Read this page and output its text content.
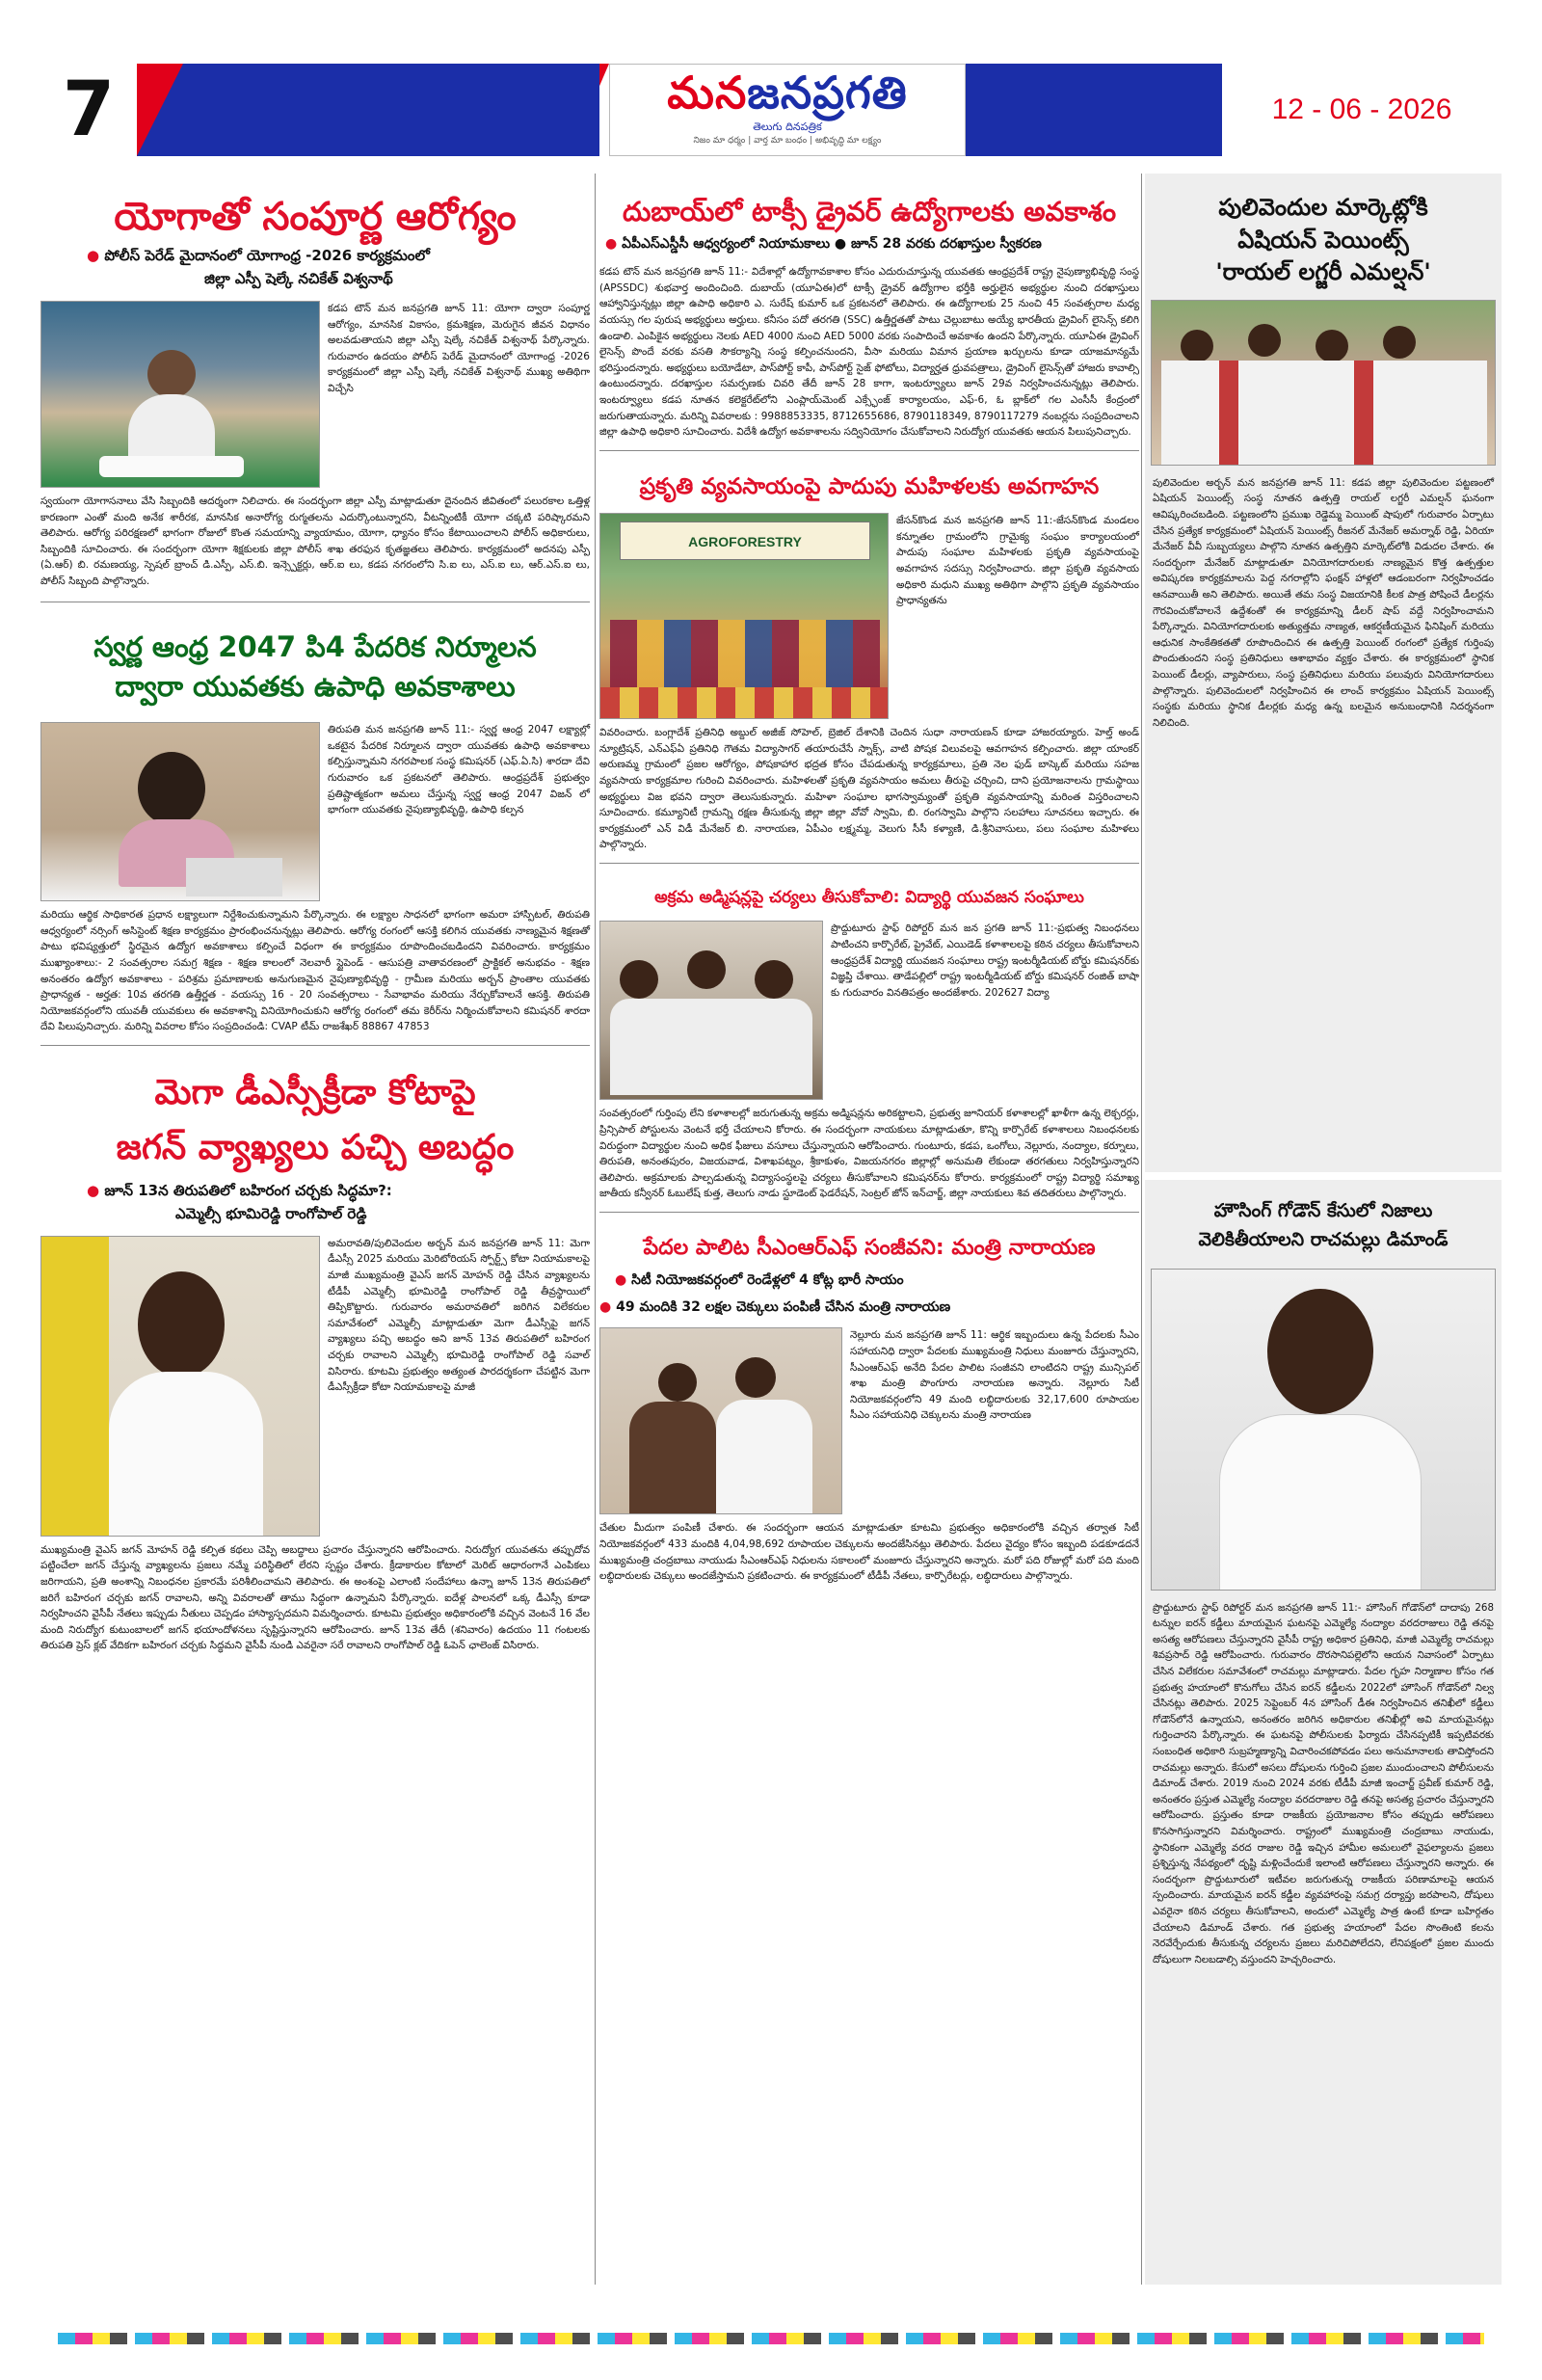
7	మనజనప్రగతి
తెలుగు దినపత్రిక
నిజం మా ధర్మం | వార్త మా బంధం | అభివృద్ధి మా లక్ష్యం
12 - 06 - 2026
యోగాతో సంపూర్ణ ఆరోగ్యం
● పోలీస్ పెరేడ్ మైదానంలో యోగాంధ్ర -2026 కార్యక్రమంలో
జిల్లా ఎస్పీ షెల్కే నచికేత్ విశ్వనాథ్

కడప టౌన్ మన జనప్రగతి జూన్ 11: యోగా ద్వారా సంపూర్ణ ఆరోగ్యం, మానసిక వికాసం, క్రమశిక్షణ, మెరుగైన జీవన విధానం అలవడుతాయని జిల్లా ఎస్పీ షెల్కే నచికేత్ విశ్వనాథ్ పేర్కొన్నారు. గురువారం ఉదయం పోలీస్ పెరేడ్ మైదానంలో యోగాంధ్ర -2026 కార్యక్రమంలో జిల్లా ఎస్పీ షెల్కే నచికేత్ విశ్వనాథ్ ముఖ్య అతిథిగా విచ్చేసి

స్వయంగా యోగాసనాలు వేసి సిబ్బందికి ఆదర్శంగా నిలిచారు. ఈ సందర్భంగా జిల్లా ఎస్పీ మాట్లాడుతూ దైనందిన జీవితంలో పలురకాల ఒత్తిళ్ల కారణంగా ఎంతో మంది అనేక శారీరక, మానసిక అనారోగ్య రుగ్మతలను ఎదుర్కొంటున్నారని, వీటన్నింటికీ యోగా చక్కటి పరిష్కారమని తెలిపారు. ఆరోగ్య పరిరక్షణలో భాగంగా రోజులో కొంత సమయాన్ని వ్యాయామం, యోగా, ధ్యానం కోసం కేటాయించాలని పోలీస్ అధికారులు, సిబ్బందికి సూచించారు. ఈ సందర్భంగా యోగా శిక్షకులకు జిల్లా పోలీస్ శాఖ తరఫున కృతజ్ఞతలు తెలిపారు. కార్యక్రమంలో అదనపు ఎస్పీ (ఏ.ఆర్) బి. రమణయ్య, స్పెషల్ బ్రాంచ్ డి.ఎస్పీ, ఎస్.బి. ఇన్స్పెక్టర్లు, ఆర్.ఐ లు, కడప నగరంలోని సి.ఐ లు, ఎస్.ఐ లు, ఆర్.ఎస్.ఐ లు, పోలీస్ సిబ్బంది పాల్గొన్నారు.

స్వర్ణ ఆంధ్ర 2047 పి4 పేదరిక నిర్మూలన
ద్వారా యువతకు ఉపాధి అవకాశాలు

తిరుపతి మన జనప్రగతి జూన్ 11:- స్వర్ణ ఆంధ్ర 2047 లక్ష్యాల్లో ఒకటైన పేదరిక నిర్మూలన ద్వారా యువతకు ఉపాధి అవకాశాలు కల్పిస్తున్నామని నగరపాలక సంస్థ కమిషనర్ (ఎఫ్.ఏ.సి) శారదా దేవి గురువారం ఒక ప్రకటనలో తెలిపారు. ఆంధ్రప్రదేశ్ ప్రభుత్వం ప్రతిష్టాత్మకంగా అమలు చేస్తున్న స్వర్ణ ఆంధ్ర 2047 విజన్ లో భాగంగా యువతకు నైపుణ్యాభివృద్ధి, ఉపాధి కల్పన

మరియు ఆర్థిక సాధికారత ప్రధాన లక్ష్యాలుగా నిర్దేశించుకున్నామని పేర్కొన్నారు. ఈ లక్ష్యాల సాధనలో భాగంగా అమరా హాస్పిటల్, తిరుపతి ఆధ్వర్యంలో నర్సింగ్ అసిస్టెంట్ శిక్షణ కార్యక్రమం ప్రారంభించనున్నట్లు తెలిపారు. ఆరోగ్య రంగంలో ఆసక్తి కలిగిన యువతకు నాణ్యమైన శిక్షణతో పాటు భవిష్యత్తులో స్థిరమైన ఉద్యోగ అవకాశాలు కల్పించే విధంగా ఈ కార్యక్రమం రూపొందించబడిందని వివరించారు. కార్యక్రమం ముఖ్యాంశాలు:- 2 సంవత్సరాల సమగ్ర శిక్షణ - శిక్షణ కాలంలో నెలవారీ స్టైపెండ్ - ఆసుపత్రి వాతావరణంలో ప్రాక్టికల్ అనుభవం - శిక్షణ అనంతరం ఉద్యోగ అవకాశాలు - పరిశ్రమ ప్రమాణాలకు అనుగుణమైన నైపుణ్యాభివృద్ధి - గ్రామీణ మరియు అర్బన్ ప్రాంతాల యువతకు ప్రాధాన్యత - అర్హత: 10వ తరగతి ఉత్తీర్ణత - వయస్సు 16 - 20 సంవత్సరాలు - సేవాభావం మరియు నేర్చుకోవాలనే ఆసక్తి. తిరుపతి నియోజకవర్గంలోని యువతీ యువకులు ఈ అవకాశాన్ని వినియోగించుకుని ఆరోగ్య రంగంలో తమ కెరీర్‌ను నిర్మించుకోవాలని కమిషనర్ శారదా దేవి పిలుపునిచ్చారు. మరిన్ని వివరాల కోసం సంప్రదించండి: CVAP టీమ్ రాజశేఖర్ 88867 47853

మెగా డీఎస్సీక్రీడా కోటాపై
జగన్ వ్యాఖ్యలు పచ్చి అబద్ధం
● జూన్ 13న తిరుపతిలో బహిరంగ చర్చకు సిద్ధమా?:
ఎమ్మెల్సీ భూమిరెడ్డి రాంగోపాల్ రెడ్డి

అమరావతి/పులివెందుల అర్బన్ మన జనప్రగతి జూన్ 11: మెగా డీఎస్సీ 2025 మరియు మెరిటోరియస్ స్పోర్ట్స్ కోటా నియామకాలపై మాజీ ముఖ్యమంత్రి వైఎస్ జగన్ మోహన్ రెడ్డి చేసిన వ్యాఖ్యలను టీడీపీ ఎమ్మెల్సీ భూమిరెడ్డి రాంగోపాల్ రెడ్డి తీవ్రస్థాయిలో తిప్పికొట్టారు. గురువారం అమరావతిలో జరిగిన విలేకరుల సమావేశంలో ఎమ్మెల్సీ మాట్లాడుతూ మెగా డీఎస్సీపై జగన్ వ్యాఖ్యలు పచ్చి అబద్ధం అని జూన్ 13వ తిరుపతిలో బహిరంగ చర్చకు రావాలని ఎమ్మెల్సీ భూమిరెడ్డి రాంగోపాల్ రెడ్డి సవాల్ విసిరారు. కూటమి ప్రభుత్వం అత్యంత పారదర్శకంగా చేపట్టిన మెగా డీఎస్సీక్రీడా కోటా నియామకాలపై మాజీ

ముఖ్యమంత్రి వైఎస్ జగన్ మోహన్ రెడ్డి కల్పిత కథలు చెప్పి అబద్ధాలు ప్రచారం చేస్తున్నారని ఆరోపించారు. నిరుద్యోగ యువతను తప్పుదోవ పట్టించేలా జగన్ చేస్తున్న వ్యాఖ్యలను ప్రజలు నమ్మే పరిస్థితిలో లేరని స్పష్టం చేశారు. క్రీడాకారుల కోటాలో మెరిట్ ఆధారంగానే ఎంపికలు జరిగాయని, ప్రతి అంశాన్ని నిబంధనల ప్రకారమే పరిశీలించామని తెలిపారు. ఈ అంశంపై ఎలాంటి సందేహాలు ఉన్నా జూన్ 13న తిరుపతిలో జరిగే బహిరంగ చర్చకు జగన్ రావాలని, అన్ని వివరాలతో తాము సిద్ధంగా ఉన్నామని పేర్కొన్నారు. ఐదేళ్ల పాలనలో ఒక్క డీఎస్సీ కూడా నిర్వహించని వైసీపీ నేతలు ఇప్పుడు నీతులు చెప్పడం హాస్యాస్పదమని విమర్శించారు. కూటమి ప్రభుత్వం అధికారంలోకి వచ్చిన వెంటనే 16 వేల మంది నిరుద్యోగ కుటుంబాలలో జగన్ భయాందోళనలు సృష్టిస్తున్నారని ఆరోపించారు. జూన్ 13వ తేదీ (శనివారం) ఉదయం 11 గంటలకు తిరుపతి ప్రెస్ క్లబ్ వేదికగా బహిరంగ చర్చకు సిద్ధమని వైసీపీ నుండి ఎవరైనా సరే రావాలని రాంగోపాల్ రెడ్డి ఓపెన్ ఛాలెంజ్ విసిరారు.

దుబాయ్‌లో టాక్సీ డ్రైవర్ ఉద్యోగాలకు అవకాశం
● ఏపీఎస్ఎస్డీసీ ఆధ్వర్యంలో నియామకాలు ● జూన్ 28 వరకు దరఖాస్తుల స్వీకరణ

కడప టౌన్ మన జనప్రగతి జూన్ 11:- విదేశాల్లో ఉద్యోగావకాశాల కోసం ఎదురుచూస్తున్న యువతకు ఆంధ్రప్రదేశ్ రాష్ట్ర నైపుణ్యాభివృద్ధి సంస్థ (APSSDC) శుభవార్త అందించింది. దుబాయ్ (యూఏఈ)లో టాక్సీ డ్రైవర్ ఉద్యోగాల భర్తీకి అర్హులైన అభ్యర్థుల నుంచి దరఖాస్తులు ఆహ్వానిస్తున్నట్లు జిల్లా ఉపాధి అధికారి ఎ. సురేష్ కుమార్ ఒక ప్రకటనలో తెలిపారు. ఈ ఉద్యోగాలకు 25 నుంచి 45 సంవత్సరాల మధ్య వయస్సు గల పురుష అభ్యర్థులు అర్హులు. కనీసం పదో తరగతి (SSC) ఉత్తీర్ణతతో పాటు చెల్లుబాటు అయ్యే భారతీయ డ్రైవింగ్ లైసెన్స్ కలిగి ఉండాలి. ఎంపికైన అభ్యర్థులు నెలకు AED 4000 నుంచి AED 5000 వరకు సంపాదించే అవకాశం ఉందని పేర్కొన్నారు. యూఏఈ డ్రైవింగ్ లైసెన్స్ పొందే వరకు వసతి సౌకర్యాన్ని సంస్థ కల్పించనుందని, వీసా మరియు విమాన ప్రయాణ ఖర్చులను కూడా యాజమాన్యమే భరిస్తుందన్నారు. అభ్యర్థులు బయోడేటా, పాస్‌పోర్ట్ కాపీ, పాస్‌పోర్ట్ సైజ్ ఫోటోలు, విద్యార్హత ధ్రువపత్రాలు, డ్రైవింగ్ లైసెన్స్‌తో హాజరు కావాల్సి ఉంటుందన్నారు. దరఖాస్తుల సమర్పణకు చివరి తేదీ జూన్ 28 కాగా, ఇంటర్వ్యూలు జూన్ 29వ నిర్వహించనున్నట్లు తెలిపారు. ఇంటర్వ్యూలు కడప నూతన కలెక్టరేట్‌లోని ఎంప్లాయ్‌మెంట్ ఎక్స్ఛేంజ్ కార్యాలయం, ఎఫ్-6, ఓ బ్లాక్‌లో గల ఎంసీసీ కేంద్రంలో జరుగుతాయన్నారు. మరిన్ని వివరాలకు : 9988853335, 8712655686, 8790118349, 8790117279 నంబర్లను సంప్రదించాలని జిల్లా ఉపాధి అధికారి సూచించారు. విదేశీ ఉద్యోగ అవకాశాలను సద్వినియోగం చేసుకోవాలని నిరుద్యోగ యువతకు ఆయన పిలుపునిచ్చారు.

ప్రకృతి వ్యవసాయంపై పాదుపు మహిళలకు అవగాహన
AGROFORESTRY

జేసన్‌కొండ మన జనప్రగతి జూన్ 11:-జేసన్‌కొండ మండలం కన్నూతల గ్రామంలోని గ్రామైక్య సంఘం కార్యాలయంలో పాదుపు సంఘాల మహిళలకు ప్రకృతి వ్యవసాయంపై అవగాహన సదస్సు నిర్వహించారు. జిల్లా ప్రకృతి వ్యవసాయ అధికారి మధుని ముఖ్య అతిథిగా పాల్గొని ప్రకృతి వ్యవసాయం ప్రాధాన్యతను

వివరించారు. బంగ్లాదేశ్ ప్రతినిధి అబ్దుల్ అజీజ్ సోహెల్, బ్రెజిల్ దేశానికి చెందిన సుధా నారాయణన్ కూడా హాజరయ్యారు. హెల్త్ అండ్ న్యూట్రిషన్, ఎన్‌ఎఫ్‌ఏ ప్రతినిధి గౌతమ విద్యాసాగర్ తయారుచేసే స్నాక్స్, వాటి పోషక విలువలపై ఆవగాహన కల్పించారు. జిల్లా యాంకర్ అరుణమ్మ గ్రామంలో ప్రజల ఆరోగ్యం, పోషకాహార భద్రత కోసం చేపడుతున్న కార్యక్రమాలు, ప్రతి నెల ఫుడ్ బాస్కెట్ మరియు సహజ వ్యవసాయ కార్యక్రమాల గురించి వివరించారు. మహిళలతో ప్రకృతి వ్యవసాయం అమలు తీరుపై చర్చించి, దాని ప్రయోజనాలను గ్రామస్థాయి అభ్యర్థులు విజ భవని ద్వారా తెలుసుకున్నారు. మహిళా సంఘాల భాగస్వామ్యంతో ప్రకృతి వ్యవసాయాన్ని మరింత విస్తరించాలని సూచించారు. కమ్యూనిటీ గ్రామన్ని రక్షణ తీసుకున్న జిల్లా జిల్లా వోవో స్వామి, బి. రంగస్వామి పాల్గొని సలహాలు సూచనలు ఇచ్చారు. ఈ కార్యక్రమంలో ఎన్ విడీ మేనేజర్ బి. నారాయణ, ఏపీఎం లక్ష్మమ్మ, వెలుగు సీసీ కళ్యాణి, డి.శ్రీనివాసులు, పలు సంఘాల మహిళలు పాల్గొన్నారు.

అక్రమ అడ్మిషన్లపై చర్యలు తీసుకోవాలి: విద్యార్థి యువజన సంఘాలు

ప్రొద్దుటూరు స్టాఫ్ రిపోర్టర్ మన జన ప్రగతి జూన్ 11:-ప్రభుత్వ నిబంధనలు పాటించని కార్పొరేట్, ప్రైవేట్, ఎయిడెడ్ కళాశాలలపై కఠిన చర్యలు తీసుకోవాలని ఆంధ్రప్రదేశ్ విద్యార్థి యువజన సంఘాలు రాష్ట్ర ఇంటర్మీడియట్ బోర్డు కమిషనర్‌కు విజ్ఞప్తి చేశాయి. తాడేపల్లిలో రాష్ట్ర ఇంటర్మీడియట్ బోర్డు కమిషనర్ రంజిత్ బాషా కు గురువారం వినతిపత్రం అందజేశారు. 202627 విద్యా

సంవత్సరంలో గుర్తింపు లేని కళాశాలల్లో జరుగుతున్న అక్రమ అడ్మిషన్లను అరికట్టాలని, ప్రభుత్వ జూనియర్ కళాశాలల్లో ఖాళీగా ఉన్న లెక్చరర్లు, ప్రిన్సిపాల్ పోస్టులను వెంటనే భర్తీ చేయాలని కోరారు. ఈ సందర్భంగా నాయకులు మాట్లాడుతూ, కొన్ని కార్పొరేట్ కళాశాలలు నిబంధనలకు విరుద్ధంగా విద్యార్థుల నుంచి అధిక ఫీజులు వసూలు చేస్తున్నాయని ఆరోపించారు. గుంటూరు, కడప, ఒంగోలు, నెల్లూరు, నంద్యాల, కర్నూలు, తిరుపతి, అనంతపురం, విజయవాడ, విశాఖపట్నం, శ్రీకాకుళం, విజయనగరం జిల్లాల్లో అనుమతి లేకుండా తరగతులు నిర్వహిస్తున్నారని తెలిపారు. అక్రమాలకు పాల్పడుతున్న విద్యాసంస్థలపై చర్యలు తీసుకోవాలని కమిషనర్‌ను కోరారు. కార్యక్రమంలో రాష్ట్ర విద్యార్థి సమాఖ్య జాతీయ కన్వీనర్ ఓబులేష్ కుత్త, తెలుగు నాడు స్టూడెంట్ ఫెడరేషన్, సెంట్రల్ జోన్ ఇన్‌చార్జ్, జిల్లా నాయకులు శివ తదితరులు పాల్గొన్నారు.

పేదల పాలిట సీఎంఆర్ఎఫ్ సంజీవని: మంత్రి నారాయణ
● సిటీ నియోజకవర్గంలో రెండేళ్లలో 4 కోట్ల భారీ సాయం
● 49 మందికి 32 లక్షల చెక్కులు పంపిణీ చేసిన మంత్రి నారాయణ

నెల్లూరు మన జనప్రగతి జూన్ 11: ఆర్థిక ఇబ్బందులు ఉన్న పేదలకు సీఎం సహాయనిధి ద్వారా పేదలకు ముఖ్యమంత్రి నిధులు మంజూరు చేస్తున్నారని, సీఎంఆర్ఎఫ్ అనేది పేదల పాలిట సంజీవని లాంటిదని రాష్ట్ర మున్సిపల్ శాఖ మంత్రి పొంగూరు నారాయణ అన్నారు. నెల్లూరు సిటీ నియోజకవర్గంలోని 49 మంది లబ్ధిదారులకు 32,17,600 రూపాయల సీఎం సహాయనిధి చెక్కులను మంత్రి నారాయణ

చేతుల మీదుగా పంపిణీ చేశారు. ఈ సందర్భంగా ఆయన మాట్లాడుతూ కూటమి ప్రభుత్వం అధికారంలోకి వచ్చిన తర్వాత సిటీ నియోజకవర్గంలో 433 మందికి 4,04,98,692 రూపాయల చెక్కులను అందజేసిన‌ట్లు తెలిపారు. పేదలు వైద్యం కోసం ఇబ్బంది పడకూడదనే ముఖ్యమంత్రి చంద్రబాబు నాయుడు సీఎంఆర్ఎఫ్ నిధులను సకాలంలో మంజూరు చేస్తున్నారని అన్నారు. మరో పది రోజుల్లో మరో పది మంది లబ్ధిదారులకు చెక్కులు అందజేస్తామని ప్రకటించారు. ఈ కార్యక్రమంలో టీడీపీ నేతలు, కార్పొరేటర్లు, లబ్ధిదారులు పాల్గొన్నారు.

పులివెందుల మార్కెట్లోకి
ఏషియన్ పెయింట్స్
'రాయల్ లగ్జరీ ఎమల్షన్'

పులివెందుల అర్బన్ మన జనప్రగతి జూన్ 11: కడప జిల్లా పులివెందుల పట్టణంలో ఏషియన్ పెయింట్స్ సంస్థ నూతన ఉత్పత్తి రాయల్ లగ్జరీ ఎమల్షన్ ఘనంగా ఆవిష్కరించబడింది. పట్టణంలోని ప్రముఖ రెడ్డెమ్మ పెయింట్ షాపులో గురువారం ఏర్పాటు చేసిన ప్రత్యేక కార్యక్రమంలో ఏషియన్ పెయింట్స్ రీజనల్ మేనేజర్ అమర్నాథ్ రెడ్డి, ఏరియా మేనేజర్ వీవీ సుబ్బయ్యలు పాల్గొని నూతన ఉత్పత్తిని మార్కెట్‌లోకి విడుదల చేశారు. ఈ సందర్భంగా మేనేజర్ మాట్లాడుతూ వినియోగదారులకు నాణ్యమైన కొత్త ఉత్పత్తుల అవిష్కరణ కార్యక్రమాలను పెద్ద నగరాల్లోని ఫంక్షన్ హాళ్లలో ఆడంబరంగా నిర్వహించడం ఆనవాయితీ అని తెలిపారు. అయితే తమ సంస్థ విజయానికి కీలక పాత్ర పోషించే డీలర్లను గౌరవించుకోవాలనే ఉద్దేశంతో ఈ కార్యక్రమాన్ని డీలర్ షాప్ వద్దే నిర్వహించామని పేర్కొన్నారు. వినియోగదారులకు అత్యుత్తమ నాణ్యత, ఆకర్షణీయమైన ఫినిషింగ్ మరియు ఆధునిక సాంకేతికతతో రూపొందించిన ఈ ఉత్పత్తి పెయింట్ రంగంలో ప్రత్యేక గుర్తింపు పొందుతుందని సంస్థ ప్రతినిధులు ఆశాభావం వ్యక్తం చేశారు. ఈ కార్యక్రమంలో స్థానిక పెయింట్ డీలర్లు, వ్యాపారులు, సంస్థ ప్రతినిధులు మరియు పలువురు వినియోగదారులు పాల్గొన్నారు. పులివెందులలో నిర్వహించిన ఈ లాంచ్ కార్యక్రమం ఏషియన్ పెయింట్స్ సంస్థకు మరియు స్థానిక డీలర్లకు మధ్య ఉన్న బలమైన అనుబంధానికి నిదర్శనంగా నిలిచింది.

హౌసింగ్ గోడౌన్ కేసులో నిజాలు
వెలికితీయాలని రాచమల్లు డిమాండ్

ప్రొద్దుటూరు స్టాఫ్ రిపోర్టర్ మన జనప్రగతి జూన్ 11:- హౌసింగ్ గోడౌన్‌లో దాదాపు 268 టన్నుల ఐరన్ కడ్డీలు మాయమైన ఘటనపై ఎమ్మెల్యే నంద్యాల వరదరాజులు రెడ్డి తనపై అసత్య ఆరోపణలు చేస్తున్నారని వైసీపీ రాష్ట్ర అధికార ప్రతినిధి, మాజీ ఎమ్మెల్యే రాచమల్లు శివప్రసాద్ రెడ్డి ఆరోపించారు. గురువారం దొరసానిపల్లెలోని ఆయన నివాసంలో ఏర్పాటు చేసిన విలేకరుల సమావేశంలో రాచమల్లు మాట్లాడారు. పేదల గృహ నిర్మాణాల కోసం గత ప్రభుత్వ హయాంలో కొనుగోలు చేసిన ఐరన్ కడ్డీలను 2022లో హౌసింగ్ గోడౌన్‌లో నిల్వ చేసినట్లు తెలిపారు. 2025 సెప్టెంబర్ 4న హౌసింగ్ డీఈ నిర్వహించిన తనిఖీలో కడ్డీలు గోడౌన్‌లోనే ఉన్నాయని, అనంతరం జరిగిన అధికారుల తనిఖీల్లో అవి మాయమైనట్లు గుర్తించారని పేర్కొన్నారు. ఈ ఘటనపై పోలీసులకు ఫిర్యాదు చేసినప్పటికీ ఇప్పటివరకు సంబంధిత అధికారి సుబ్రహ్మణ్యాన్ని విచారించకపోవడం పలు అనుమానాలకు తావిస్తోందని రాచమల్లు అన్నారు. కేసులో అసలు దోషులను గుర్తించి ప్రజల ముందుంచాలని పోలీసులను డిమాండ్ చేశారు. 2019 నుంచి 2024 వరకు టీడీపీ మాజీ ఇంచార్జ్ ప్రవీణ్ కుమార్ రెడ్డి, అనంతరం ప్రస్తుత ఎమ్మెల్యే నంద్యాల వరదరాజుల రెడ్డి తనపై అసత్య ప్రచారం చేస్తున్నారని ఆరోపించారు. ప్రస్తుతం కూడా రాజకీయ ప్రయోజనాల కోసం తప్పుడు ఆరోపణలు కొనసాగిస్తున్నారని విమర్శించారు. రాష్ట్రంలో ముఖ్యమంత్రి చంద్రబాబు నాయుడు, స్థానికంగా ఎమ్మెల్యే వరద రాజుల రెడ్డి ఇచ్చిన హామీల అమలులో వైఫల్యాలను ప్రజలు ప్రశ్నిస్తున్న నేపథ్యంలో దృష్టి మళ్లించేందుకే ఇలాంటి ఆరోపణలు చేస్తున్నారని అన్నారు. ఈ సందర్భంగా ప్రొద్దుటూరులో ఇటీవల జరుగుతున్న రాజకీయ పరిణామాలపై ఆయన స్పందించారు. మాయమైన ఐరన్ కడ్డీల వ్యవహారంపై సమగ్ర దర్యాప్తు జరపాలని, దోషులు ఎవరైనా కఠిన చర్యలు తీసుకోవాలని, అందులో ఎమ్మెల్యే పాత్ర ఉంటే కూడా బహిర్గతం చేయాలని డిమాండ్ చేశారు. గత ప్రభుత్వ హయాంలో పేదల సొంతింటి కలను నెరవేర్చేందుకు తీసుకున్న చర్యలను ప్రజలు మరిచిపోలేదని, లేనిపక్షంలో ప్రజల ముందు దోషులుగా నిలబడాల్సి వస్తుందని హెచ్చరించారు.
